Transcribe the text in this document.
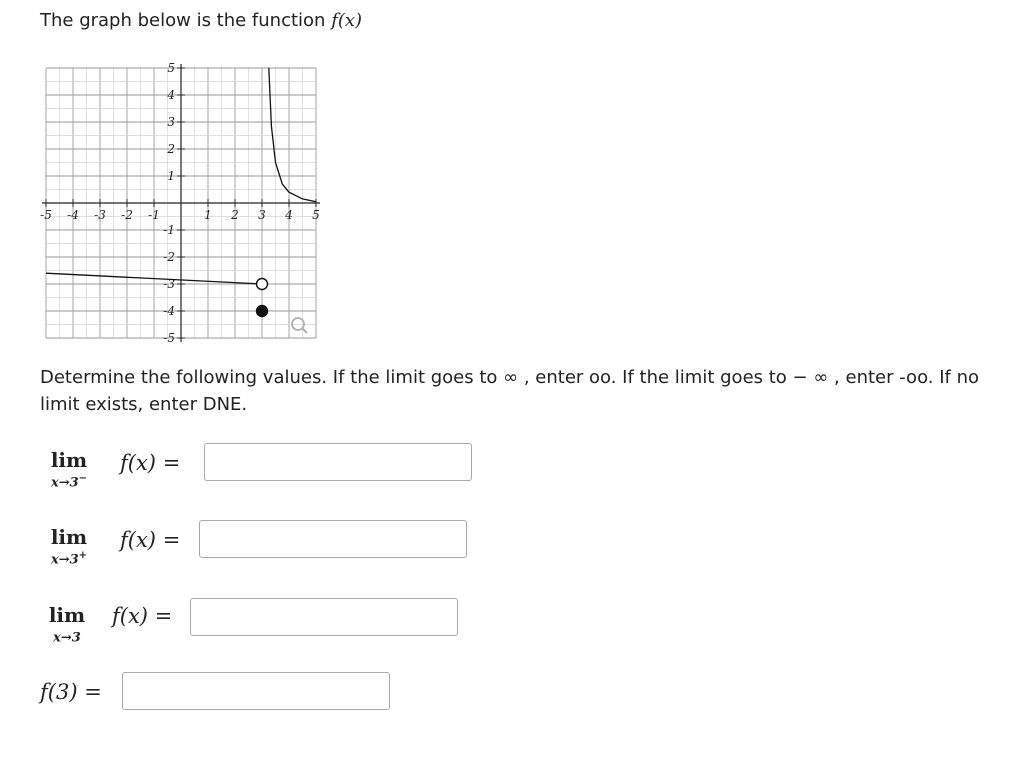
The graph below is the function f(x)
-5 -4 -3 -2 -1	1 2 3 4 5
5
4
3
2
1
-1
-2
-3
-4
-5
Determine the following values. If the limit goes to ∞ , enter oo. If the limit goes to − ∞ , enter -oo. If no limit exists, enter DNE.
lim
x→3−
f(x) =
lim
x→3+
f(x) =
lim
x→3
f(x) =
f(3) =
